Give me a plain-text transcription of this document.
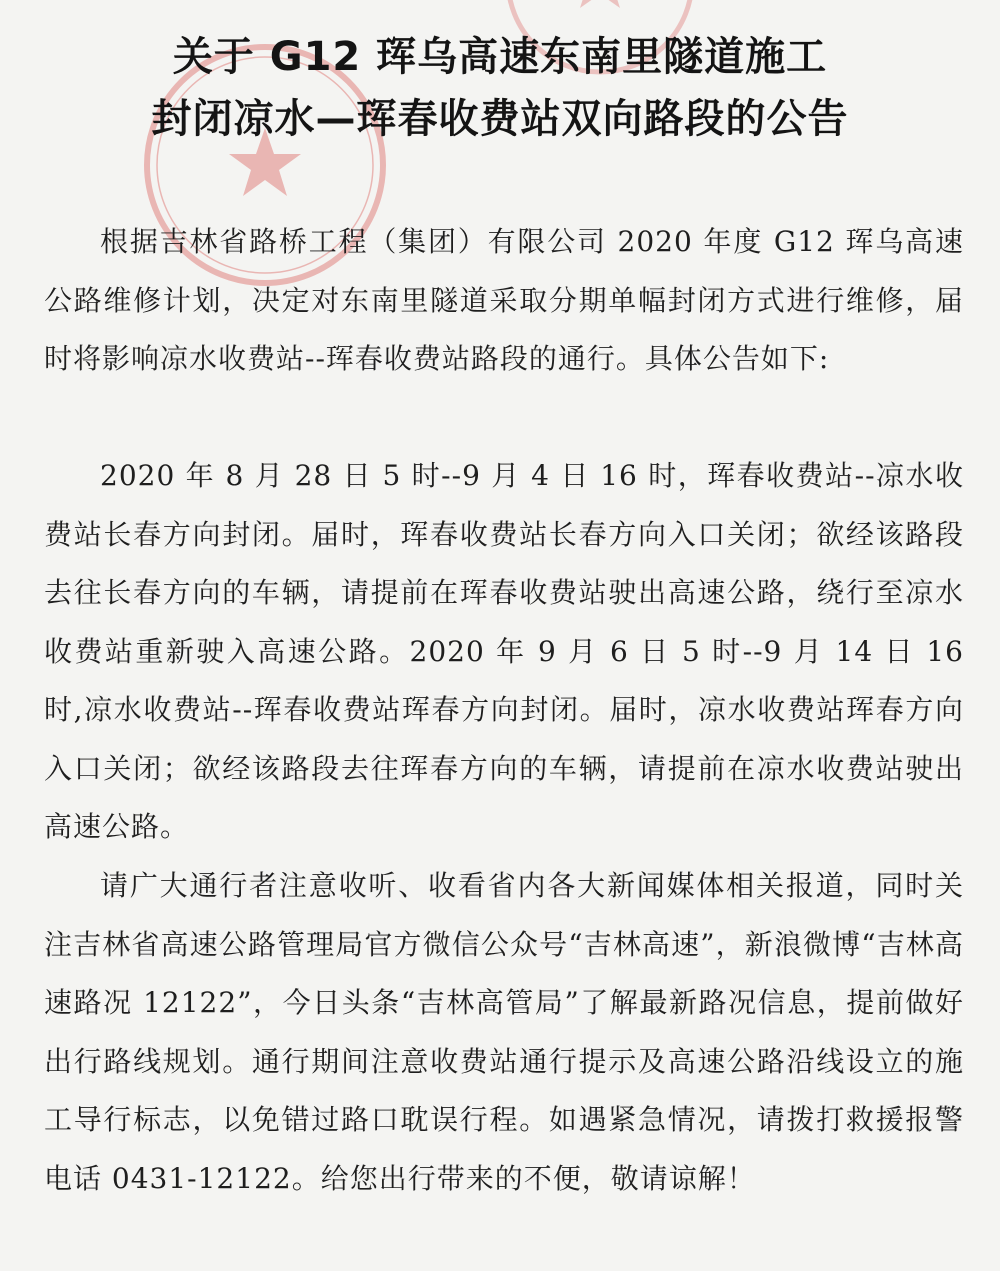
关于 G12 珲乌高速东南里隧道施工
封闭凉水—珲春收费站双向路段的公告

根据吉林省路桥工程（集团）有限公司 2020 年度 G12 珲乌高速公路维修计划，决定对东南里隧道采取分期单幅封闭方式进行维修，届时将影响凉水收费站--珲春收费站路段的通行。具体公告如下:

2020 年 8 月 28 日 5 时--9 月 4 日 16 时，珲春收费站--凉水收费站长春方向封闭。届时，珲春收费站长春方向入口关闭；欲经该路段去往长春方向的车辆，请提前在珲春收费站驶出高速公路，绕行至凉水收费站重新驶入高速公路。2020 年 9 月 6 日 5 时--9 月 14 日 16 时,凉水收费站--珲春收费站珲春方向封闭。届时，凉水收费站珲春方向入口关闭；欲经该路段去往珲春方向的车辆，请提前在凉水收费站驶出高速公路。

请广大通行者注意收听、收看省内各大新闻媒体相关报道，同时关注吉林省高速公路管理局官方微信公众号“吉林高速”，新浪微博“吉林高速路况 12122”，今日头条“吉林高管局”了解最新路况信息，提前做好出行路线规划。通行期间注意收费站通行提示及高速公路沿线设立的施工导行标志，以免错过路口耽误行程。如遇紧急情况，请拨打救援报警电话 0431-12122。给您出行带来的不便，敬请谅解！
